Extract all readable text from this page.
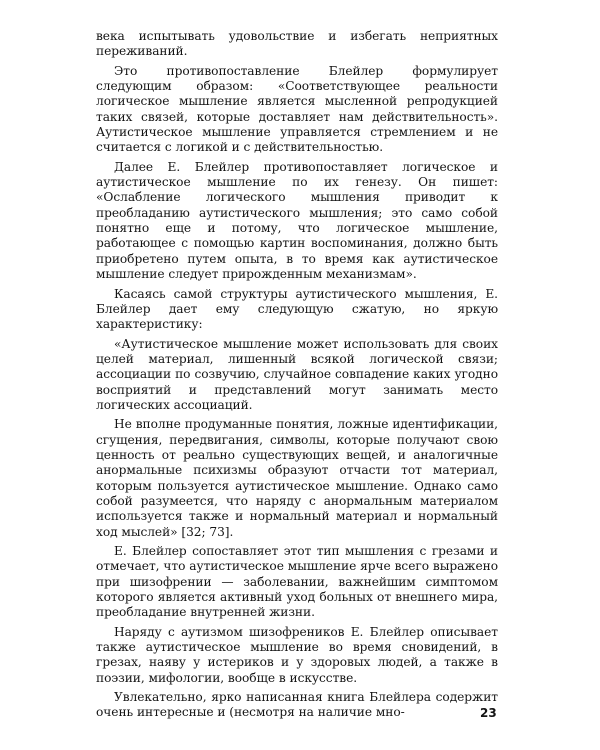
века испытывать удовольствие и избегать неприятных переживаний.

Это противопоставление Блейлер формулирует следующим образом: «Соответствующее реальности логическое мышление является мысленной репродукцией таких связей, которые доставляет нам действительность». Аутистическое мышление управляется стремлением и не считается с логикой и с действительностью.

Далее Е. Блейлер противопоставляет логическое и аутистическое мышление по их генезу. Он пишет: «Ослабление логического мышления приводит к преобладанию аутистического мышления; это само собой понятно еще и потому, что логическое мышление, работающее с помощью картин воспоминания, должно быть приобретено путем опыта, в то время как аутистическое мышление следует прирожденным механизмам».

Касаясь самой структуры аутистического мышления, Е. Блейлер дает ему следующую сжатую, но яркую характеристику:

«Аутистическое мышление может использовать для своих целей материал, лишенный всякой логической связи; ассоциации по созвучию, случайное совпадение каких угодно восприятий и представлений могут занимать место логических ассоциаций.

Не вполне продуманные понятия, ложные идентификации, сгущения, передвигания, символы, которые получают свою ценность от реально существующих вещей, и аналогичные анормальные психизмы образуют отчасти тот материал, которым пользуется аутистическое мышление. Однако само собой разумеется, что наряду с анормальным материалом используется также и нормальный материал и нормальный ход мыслей» [32; 73].

Е. Блейлер сопоставляет этот тип мышления с грезами и отмечает, что аутистическое мышление ярче всего выражено при шизофрении — заболевании, важнейшим симптомом которого является активный уход больных от внешнего мира, преобладание внутренней жизни.

Наряду с аутизмом шизофреников Е. Блейлер описывает также аутистическое мышление во время сновидений, в грезах, наяву у истериков и у здоровых людей, а также в поэзии, мифологии, вообще в искусстве.

Увлекательно, ярко написанная книга Блейлера содержит очень интересные и (несмотря на наличие мно-	23
